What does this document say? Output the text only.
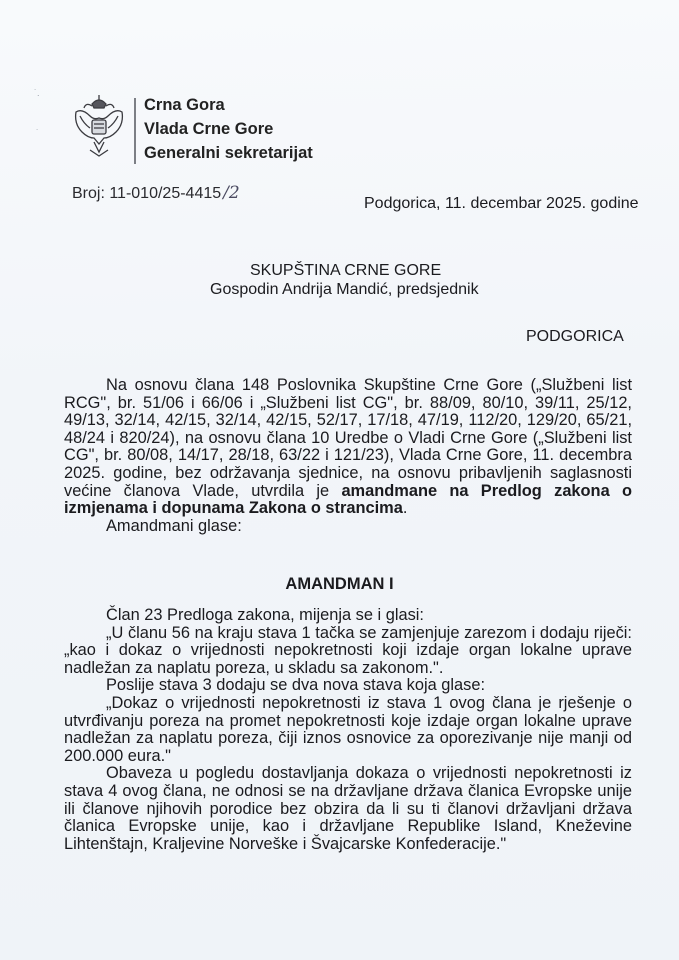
˙.
˙
Crna Gora
Vlada Crne Gore
Generalni sekretarijat
Broj: 11-010/25-4415 /2
Podgorica, 11. decembar 2025. godine
SKUPŠTINA CRNE GORE
Gospodin Andrija Mandić, predsjednik
PODGORICA

Na osnovu člana 148 Poslovnika Skupštine Crne Gore („Službeni list RCG", br. 51/06 i 66/06 i „Službeni list CG", br. 88/09, 80/10, 39/11, 25/12, 49/13, 32/14, 42/15, 32/14, 42/15, 52/17, 17/18, 47/19, 112/20, 129/20, 65/21, 48/24 i 820/24), na osnovu člana 10 Uredbe o Vladi Crne Gore („Službeni list CG", br. 80/08, 14/17, 28/18, 63/22 i 121/23), Vlada Crne Gore, 11. decembra 2025. godine, bez održavanja sjednice, na osnovu pribavljenih saglasnosti većine članova Vlade, utvrdila je amandmane na Predlog zakona o izmjenama i dopunama Zakona o strancima.

Amandmani glase:

AMANDMAN I

Član 23 Predloga zakona, mijenja se i glasi:

„U članu 56 na kraju stava 1 tačka se zamjenjuje zarezom i dodaju riječi: „kao i dokaz o vrijednosti nepokretnosti koji izdaje organ lokalne uprave nadležan za naplatu poreza, u skladu sa zakonom.".

Poslije stava 3 dodaju se dva nova stava koja glase:

„Dokaz o vrijednosti nepokretnosti iz stava 1 ovog člana je rješenje o utvrđivanju poreza na promet nepokretnosti koje izdaje organ lokalne uprave nadležan za naplatu poreza, čiji iznos osnovice za oporezivanje nije manji od 200.000 eura."

Obaveza u pogledu dostavljanja dokaza o vrijednosti nepokretnosti iz stava 4 ovog člana, ne odnosi se na državljane država članica Evropske unije ili članove njihovih porodice bez obzira da li su ti članovi državljani država članica Evropske unije, kao i državljane Republike Island, Kneževine Lihtenštajn, Kraljevine Norveške i Švajcarske Konfederacije."
